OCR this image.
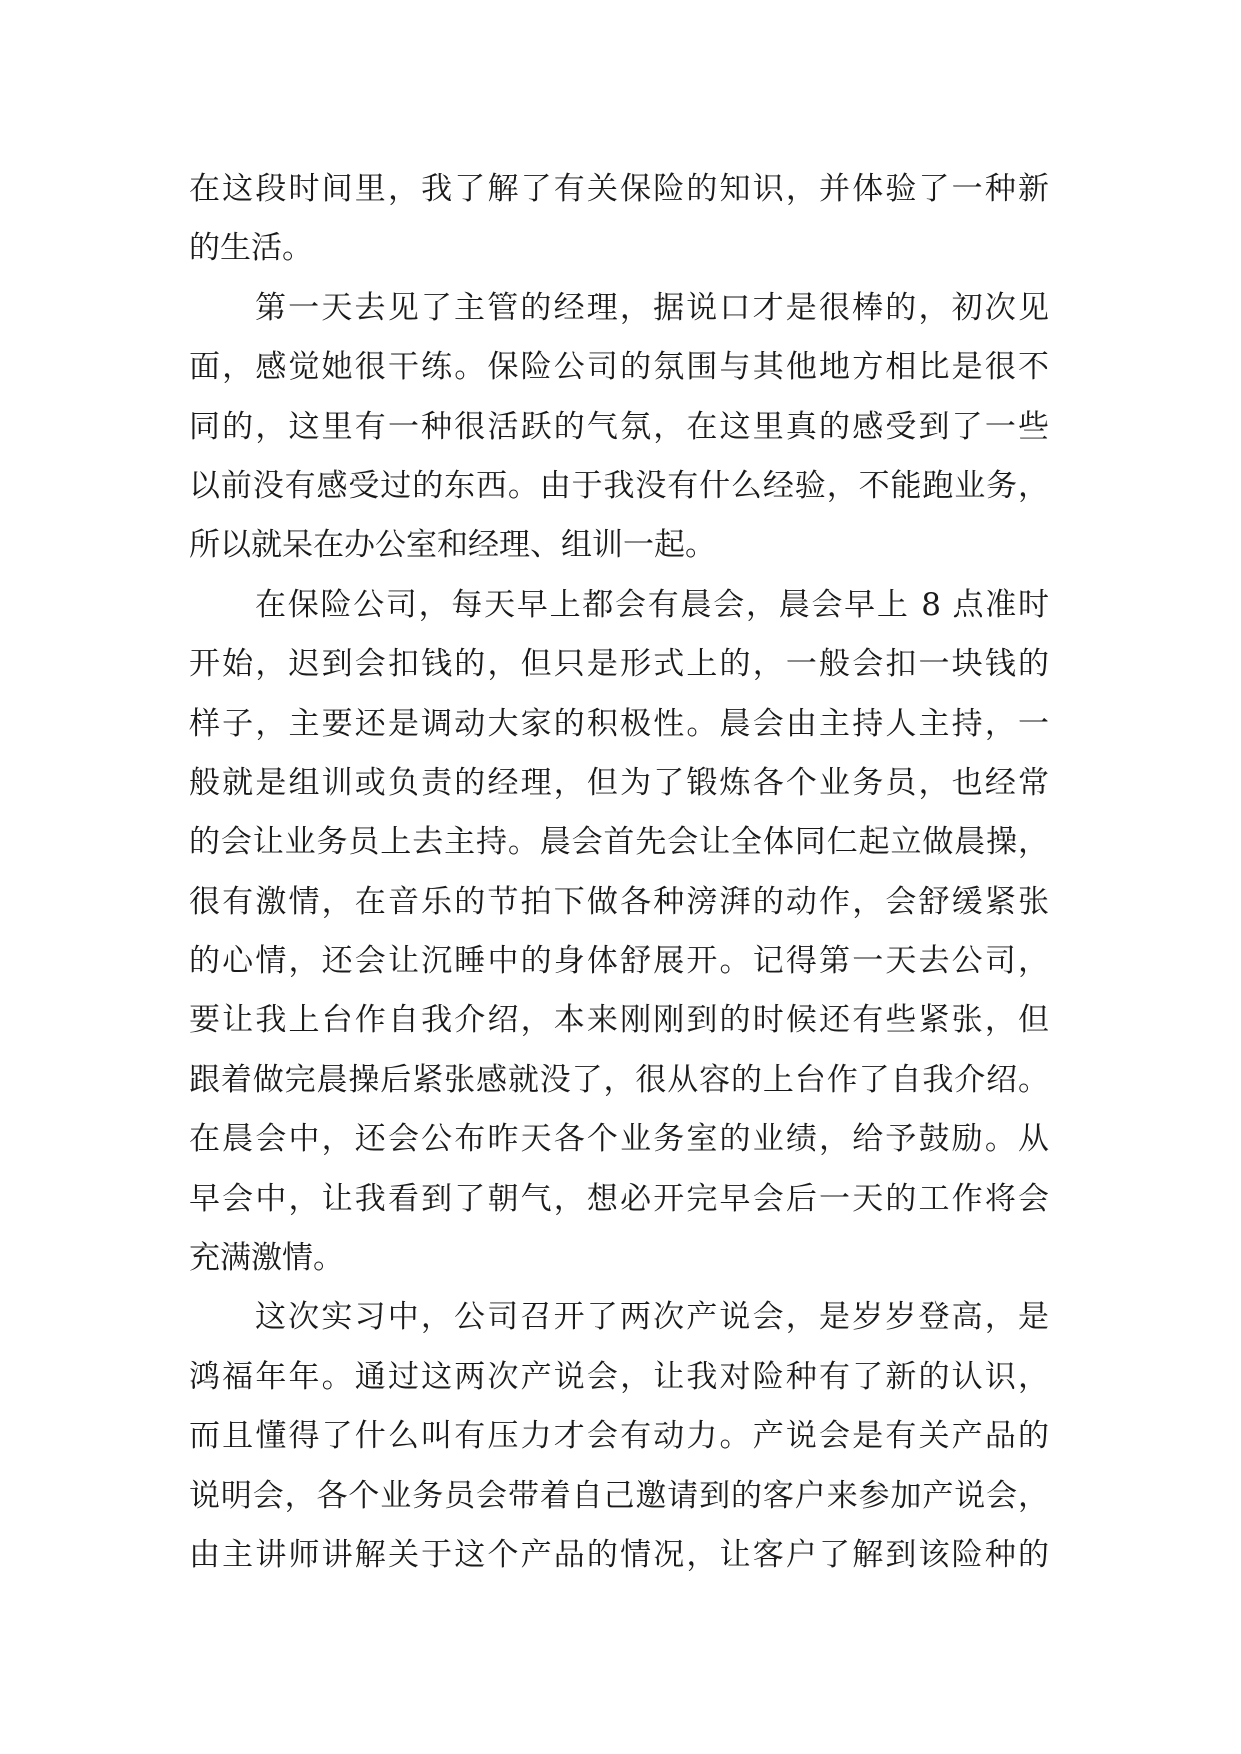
在这段时间里，我了解了有关保险的知识，并体验了一种新
的生活。
第一天去见了主管的经理，据说口才是很棒的，初次见
面，感觉她很干练。保险公司的氛围与其他地方相比是很不
同的，这里有一种很活跃的气氛，在这里真的感受到了一些
以前没有感受过的东西。由于我没有什么经验，不能跑业务，
所以就呆在办公室和经理、组训一起。
在保险公司，每天早上都会有晨会，晨会早上 8 点准时
开始，迟到会扣钱的，但只是形式上的，一般会扣一块钱的
样子，主要还是调动大家的积极性。晨会由主持人主持，一
般就是组训或负责的经理，但为了锻炼各个业务员，也经常
的会让业务员上去主持。晨会首先会让全体同仁起立做晨操，
很有激情，在音乐的节拍下做各种滂湃的动作，会舒缓紧张
的心情，还会让沉睡中的身体舒展开。记得第一天去公司，
要让我上台作自我介绍，本来刚刚到的时候还有些紧张，但
跟着做完晨操后紧张感就没了，很从容的上台作了自我介绍。
在晨会中，还会公布昨天各个业务室的业绩，给予鼓励。从
早会中，让我看到了朝气，想必开完早会后一天的工作将会
充满激情。
这次实习中，公司召开了两次产说会，是岁岁登高，是
鸿福年年。通过这两次产说会，让我对险种有了新的认识，
而且懂得了什么叫有压力才会有动力。产说会是有关产品的
说明会，各个业务员会带着自己邀请到的客户来参加产说会，
由主讲师讲解关于这个产品的情况，让客户了解到该险种的
